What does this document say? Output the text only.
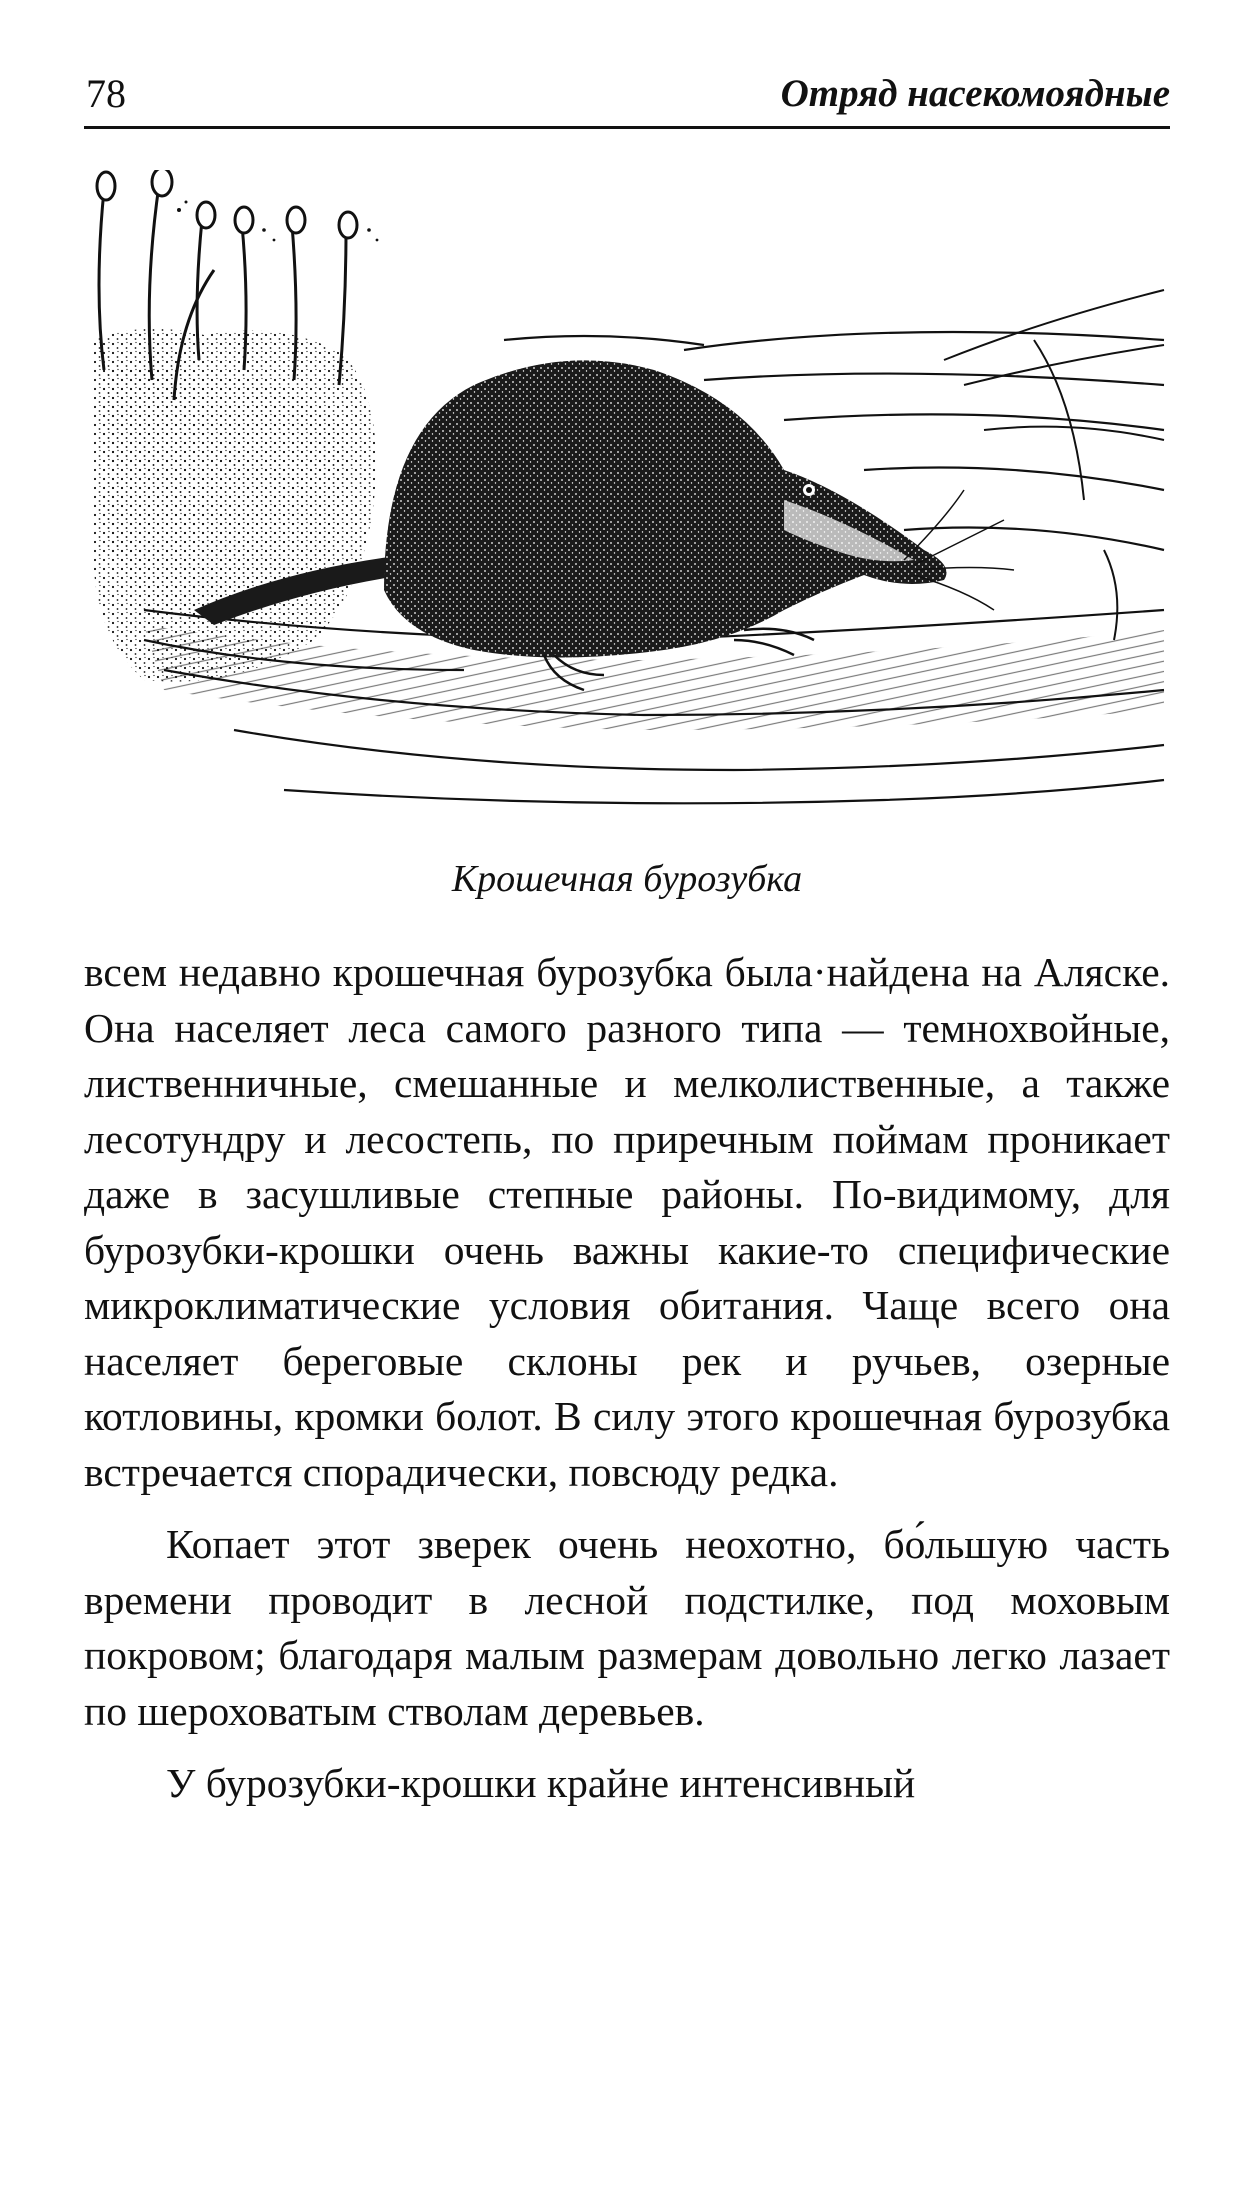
78	Отряд насекомоядные
Крошечная бурозубка

всем недавно крошечная бурозубка была·найдена на Аляске. Она населяет леса самого разного типа — темнохвойные, лиственничные, смешанные и мелколиственные, а также лесотундру и лесостепь, по приречным поймам проникает даже в засушливые степные районы. По-видимому, для бурозубки-крошки очень важны какие-то специфические микроклиматические условия обитания. Чаще всего она населяет береговые склоны рек и ручьев, озерные котловины, кромки болот. В силу этого крошечная бурозубка встречается спорадически, повсюду редка.

Копает этот зверек очень неохотно, бо́льшую часть времени проводит в лесной подстилке, под моховым покровом; благодаря малым размерам довольно легко лазает по шероховатым стволам деревьев.

У бурозубки-крошки крайне интенсивный
